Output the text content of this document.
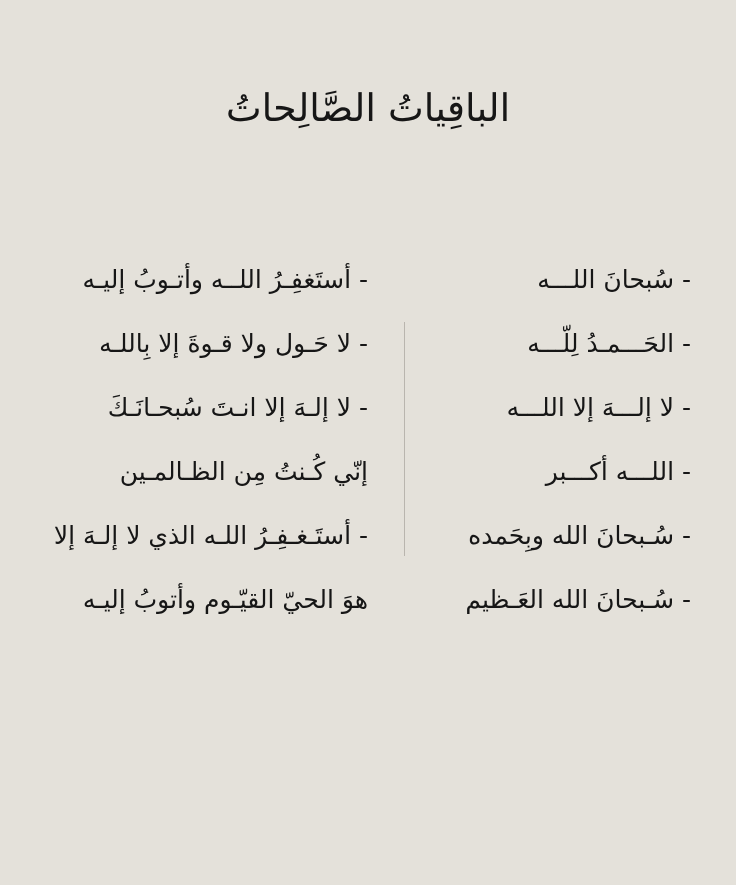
الباقِياتُ الصَّالِحاتُ
- سُبحانَ اللـــه
- الحَـــمـدُ لِلّـــه
- لا إلـــهَ إلا اللـــه
- اللـــه أكـــبر
- سُـبحانَ الله وبِحَمده
- سُـبحانَ الله العَـظيم
- أستَغفِـرُ اللــه وأتـوبُ إليـه
- لا حَـول ولا قـوةَ إلا بِاللـه
- لا إلـهَ إلا انـتَ سُبحـانَـكَ
إنّي كُـنتُ مِن الظـالمـين
- أستَـغـفِـرُ اللـه الذي لا إلـهَ إلا
هوَ الحيّ القيّـوم وأتوبُ إليـه
